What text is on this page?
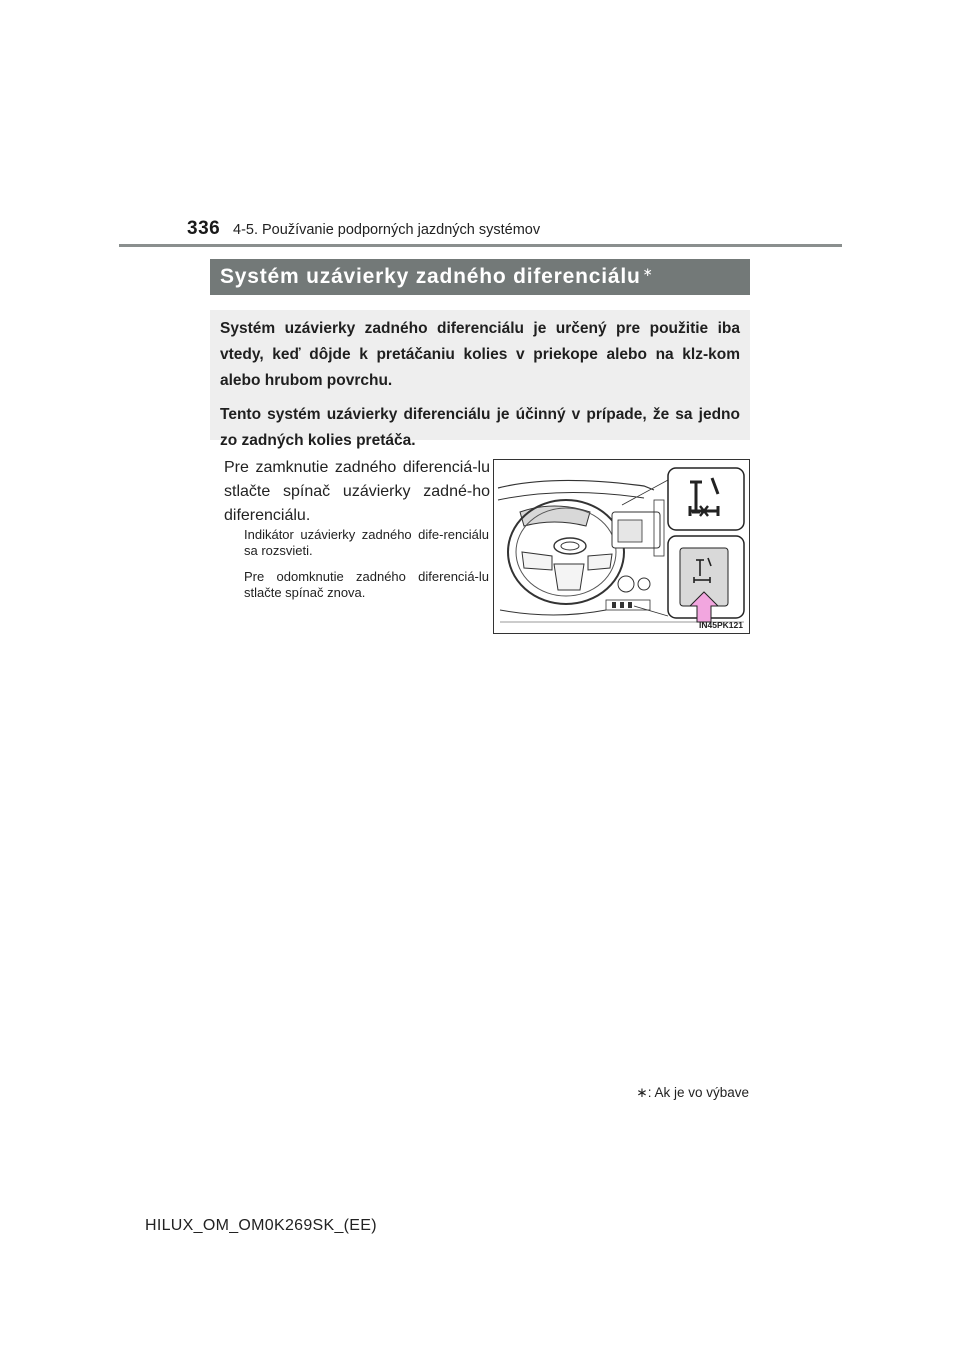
336 4-5. Používanie podporných jazdných systémov
Systém uzávierky zadného diferenciálu∗

Systém uzávierky zadného diferenciálu je určený pre použitie iba vtedy, keď dôjde k pretáčaniu kolies v priekope alebo na klz-kom alebo hrubom povrchu.

Tento systém uzávierky diferenciálu je účinný v prípade, že sa jedno zo zadných kolies pretáča.

Pre zamknutie zadného diferenciá-lu stlačte spínač uzávierky zadné-ho diferenciálu.

Indikátor uzávierky zadného dife-renciálu sa rozsvieti.
Pre odomknutie zadného diferenciá-lu stlačte spínač znova.
IN45PK121
∗: Ak je vo výbave
HILUX_OM_OM0K269SK_(EE)
